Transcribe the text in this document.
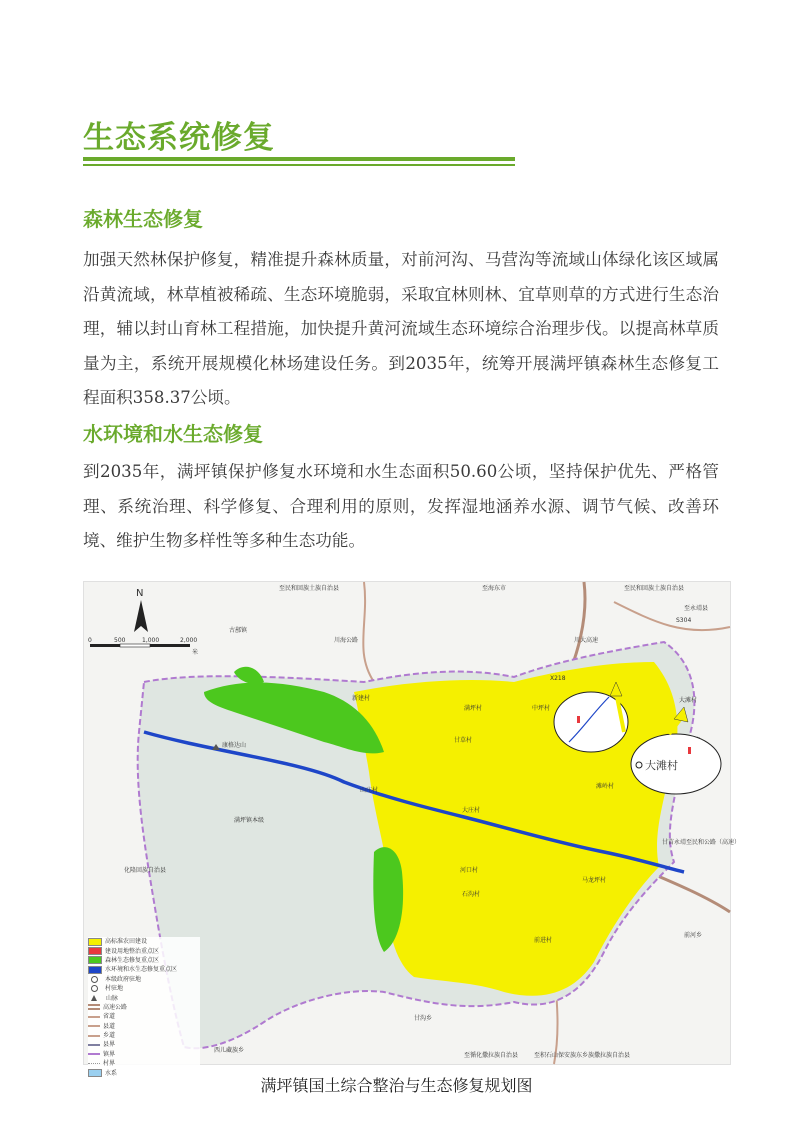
生态系统修复
森林生态修复

加强天然林保护修复，精准提升森林质量，对前河沟、马营沟等流域山体绿化该区域属沿黄流域，林草植被稀疏、生态环境脆弱，采取宜林则林、宜草则草的方式进行生态治理，辅以封山育林工程措施，加快提升黄河流域生态环境综合治理步伐。以提高林草质量为主，系统开展规模化林场建设任务。到2035年，统筹开展满坪镇森林生态修复工程面积358.37公顷。

水环境和水生态修复

到2035年，满坪镇保护修复水环境和水生态面积50.60公顷，坚持保护优先、严格管理、系统治理、科学修复、合理利用的原则，发挥湿地涵养水源、调节气候、改善环境、维护生物多样性等多种生态功能。

N
0	500	1,000	2,000
米
至民和回族土族自治县	至海东市	至民和回族土族自治县
至永靖县
古鄯镇
川海公路	川大高速
X218
S304
康格达山
化隆回族自治县
满坪镇本级
甘苗永靖至民和公路（高速）
前河乡
甘沟乡
西儿藏族乡
至循化撒拉族自治县	至积石山保安族东乡族撒拉族自治县
新建村
满坪村	中坪村
山庄村
大庄村
河口村
马龙坪村
甘草村
滩岭村
石沟村
前进村
大滩村
大滩村
高标准农田建设
建设用地整治重点区
森林生态修复重点区
水环境和水生态修复重点区
本级政府驻地
村驻地
山脉
高速公路
省道
县道
乡道
县界
镇界
村界
水系

满坪镇国土综合整治与生态修复规划图
